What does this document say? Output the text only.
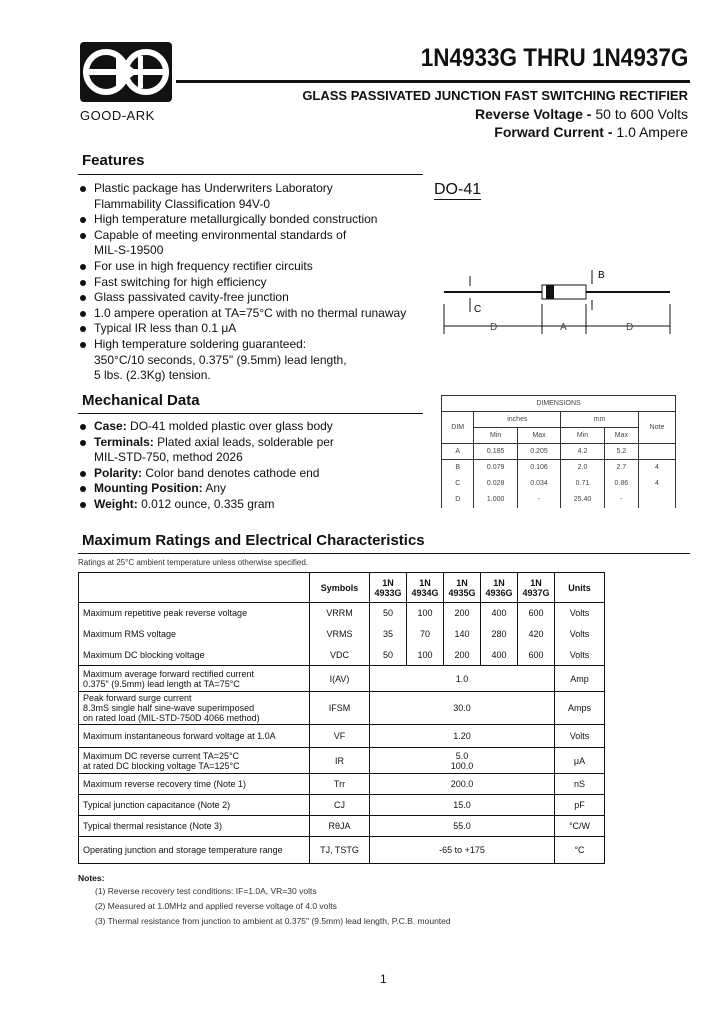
GOOD-ARK
1N4933G THRU 1N4937G
GLASS PASSIVATED JUNCTION FAST SWITCHING RECTIFIER
Reverse Voltage - 50 to 600 Volts
Forward Current - 1.0 Ampere
Features
Plastic package has Underwriters Laboratory
Flammability Classification 94V-0
High temperature metallurgically bonded construction
Capable of meeting environmental standards of
MIL-S-19500
For use in high frequency rectifier circuits
Fast switching for high efficiency
Glass passivated cavity-free junction
1.0 ampere operation at TA=75°C with no thermal runaway
Typical IR less than 0.1 μA
High temperature soldering guaranteed:
350°C/10 seconds, 0.375" (9.5mm) lead length,
5 lbs. (2.3Kg) tension.
DO-41
B
C
D	A	D
DIMENSIONS					
DIM	inches		mm		Note
	Min	Max	Min	Max	
A	0.185	0.205	4.2	5.2	
B	0.079	0.106	2.0	2.7	4
C	0.028	0.034	0.71	0.86	4
D	1.000	-	25.40	-	
Mechanical Data
Case: DO-41 molded plastic over glass body
Terminals: Plated axial leads, solderable per
MIL-STD-750, method 2026
Polarity: Color band denotes cathode end
Mounting Position: Any
Weight: 0.012 ounce, 0.335 gram
Maximum Ratings and Electrical Characteristics
Ratings at 25°C ambient temperature unless otherwise specified.
	Symbols	1N 4933G	1N 4934G	1N 4935G	1N 4936G	1N 4937G	Units
Maximum repetitive peak reverse voltage	VRRM	50	100	200	400	600	Volts
Maximum RMS voltage	VRMS	35	70	140	280	420	Volts
Maximum DC blocking voltage	VDC	50	100	200	400	600	Volts
Maximum average forward rectified current
0.375" (9.5mm) lead length at TA=75°C	I(AV)	1.0					Amp
Peak forward surge current
8.3mS single half sine-wave superimposed
on rated load (MIL-STD-750D 4066 method)	IFSM	30.0					Amps
Maximum instantaneous forward voltage at 1.0A	VF	1.20					Volts
Maximum DC reverse current TA=25°C
at rated DC blocking voltage TA=125°C	IR	5.0
100.0					μA
Maximum reverse recovery time (Note 1)	Trr	200.0					nS
Typical junction capacitance (Note 2)	CJ	15.0					pF
Typical thermal resistance (Note 3)	RθJA	55.0					°C/W
Operating junction and storage temperature range	TJ, TSTG	-65 to +175					°C
Notes:
(1) Reverse recovery test conditions: IF=1.0A, VR=30 volts
(2) Measured at 1.0MHz and applied reverse voltage of 4.0 volts
(3) Thermal resistance from junction to ambient at 0.375" (9.5mm) lead length, P.C.B. mounted
1
